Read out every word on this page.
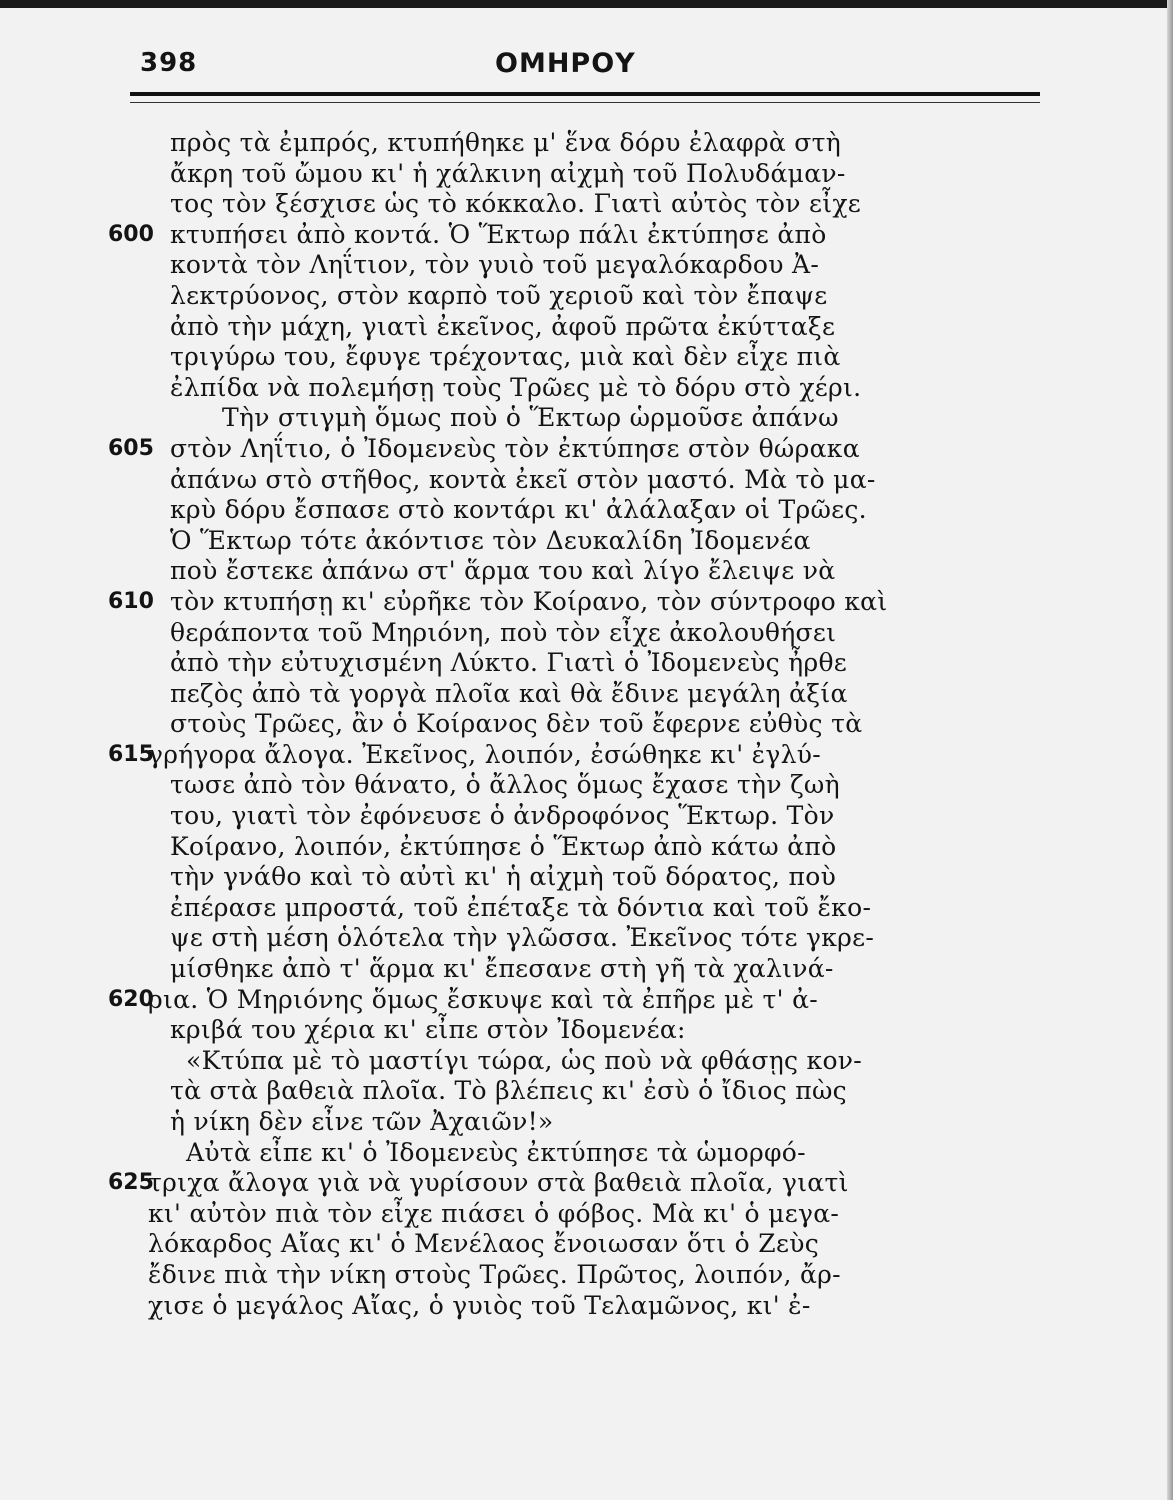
398	ΟΜΗΡΟΥ
πρὸς τὰ ἐμπρός, κτυπήθηκε μ' ἕνα δόρυ ἐλαφρὰ στὴ
ἄκρη τοῦ ὤμου κι' ἡ χάλκινη αἰχμὴ τοῦ Πολυδάμαν-
τος τὸν ξέσχισε ὡς τὸ κόκκαλο. Γιατὶ αὐτὸς τὸν εἶχε
600 κτυπήσει ἀπὸ κοντά. Ὁ Ἕκτωρ πάλι ἐκτύπησε ἀπὸ
κοντὰ τὸν Ληΐτιον, τὸν γυιὸ τοῦ μεγαλόκαρδου Ἀ-
λεκτρύονος, στὸν καρπὸ τοῦ χεριοῦ καὶ τὸν ἔπαψε
ἀπὸ τὴν μάχη, γιατὶ ἐκεῖνος, ἀφοῦ πρῶτα ἐκύτταξε
τριγύρω του, ἔφυγε τρέχοντας, μιὰ καὶ δὲν εἶχε πιὰ
ἐλπίδα νὰ πολεμήσῃ τοὺς Τρῶες μὲ τὸ δόρυ στὸ χέρι.
Τὴν στιγμὴ ὅμως ποὺ ὁ Ἕκτωρ ὡρμοῦσε ἀπάνω
605 στὸν Ληΐτιο, ὁ Ἰδομενεὺς τὸν ἐκτύπησε στὸν θώρακα
ἀπάνω στὸ στῆθος, κοντὰ ἐκεῖ στὸν μαστό. Μὰ τὸ μα-
κρὺ δόρυ ἔσπασε στὸ κοντάρι κι' ἀλάλαξαν οἱ Τρῶες.
Ὁ Ἕκτωρ τότε ἀκόντισε τὸν Δευκαλίδη Ἰδομενέα
ποὺ ἔστεκε ἀπάνω στ' ἅρμα του καὶ λίγο ἔλειψε νὰ
610 τὸν κτυπήσῃ κι' εὐρῆκε τὸν Κοίρανο, τὸν σύντροφο καὶ
θεράποντα τοῦ Μηριόνη, ποὺ τὸν εἶχε ἀκολουθήσει
ἀπὸ τὴν εὐτυχισμένη Λύκτο. Γιατὶ ὁ Ἰδομενεὺς ἦρθε
πεζὸς ἀπὸ τὰ γοργὰ πλοῖα καὶ θὰ ἔδινε μεγάλη ἀξία
στοὺς Τρῶες, ἂν ὁ Κοίρανος δὲν τοῦ ἔφερνε εὐθὺς τὰ
615
γρήγορα ἄλογα. Ἐκεῖνος, λοιπόν, ἐσώθηκε κι' ἐγλύ-
τωσε ἀπὸ τὸν θάνατο, ὁ ἄλλος ὅμως ἔχασε τὴν ζωὴ
του, γιατὶ τὸν ἐφόνευσε ὁ ἀνδροφόνος Ἕκτωρ. Τὸν
Κοίρανο, λοιπόν, ἐκτύπησε ὁ Ἕκτωρ ἀπὸ κάτω ἀπὸ
τὴν γνάθο καὶ τὸ αὐτὶ κι' ἡ αἰχμὴ τοῦ δόρατος, ποὺ
ἐπέρασε μπροστά, τοῦ ἐπέταξε τὰ δόντια καὶ τοῦ ἔκο-
ψε στὴ μέση ὁλότελα τὴν γλῶσσα. Ἐκεῖνος τότε γκρε-
μίσθηκε ἀπὸ τ' ἅρμα κι' ἔπεσανε στὴ γῆ τὰ χαλινά-
620
ρια. Ὁ Μηριόνης ὅμως ἔσκυψε καὶ τὰ ἐπῆρε μὲ τ' ἀ-
κριβά του χέρια κι' εἶπε στὸν Ἰδομενέα:
«Κτύπα μὲ τὸ μαστίγι τώρα, ὡς ποὺ νὰ φθάσῃς κον-
τὰ στὰ βαθειὰ πλοῖα. Τὸ βλέπεις κι' ἐσὺ ὁ ἴδιος πὼς
ἡ νίκη δὲν εἶνε τῶν Ἀχαιῶν!»
Αὐτὰ εἶπε κι' ὁ Ἰδομενεὺς ἐκτύπησε τὰ ὡμορφό-
625
τριχα ἄλογα γιὰ νὰ γυρίσουν στὰ βαθειὰ πλοῖα, γιατὶ
κι' αὐτὸν πιὰ τὸν εἶχε πιάσει ὁ φόβος. Μὰ κι' ὁ μεγα-
λόκαρδος Αἴας κι' ὁ Μενέλαος ἔνοιωσαν ὅτι ὁ Ζεὺς
ἔδινε πιὰ τὴν νίκη στοὺς Τρῶες. Πρῶτος, λοιπόν, ἄρ-
χισε ὁ μεγάλος Αἴας, ὁ γυιὸς τοῦ Τελαμῶνος, κι' ἐ-
